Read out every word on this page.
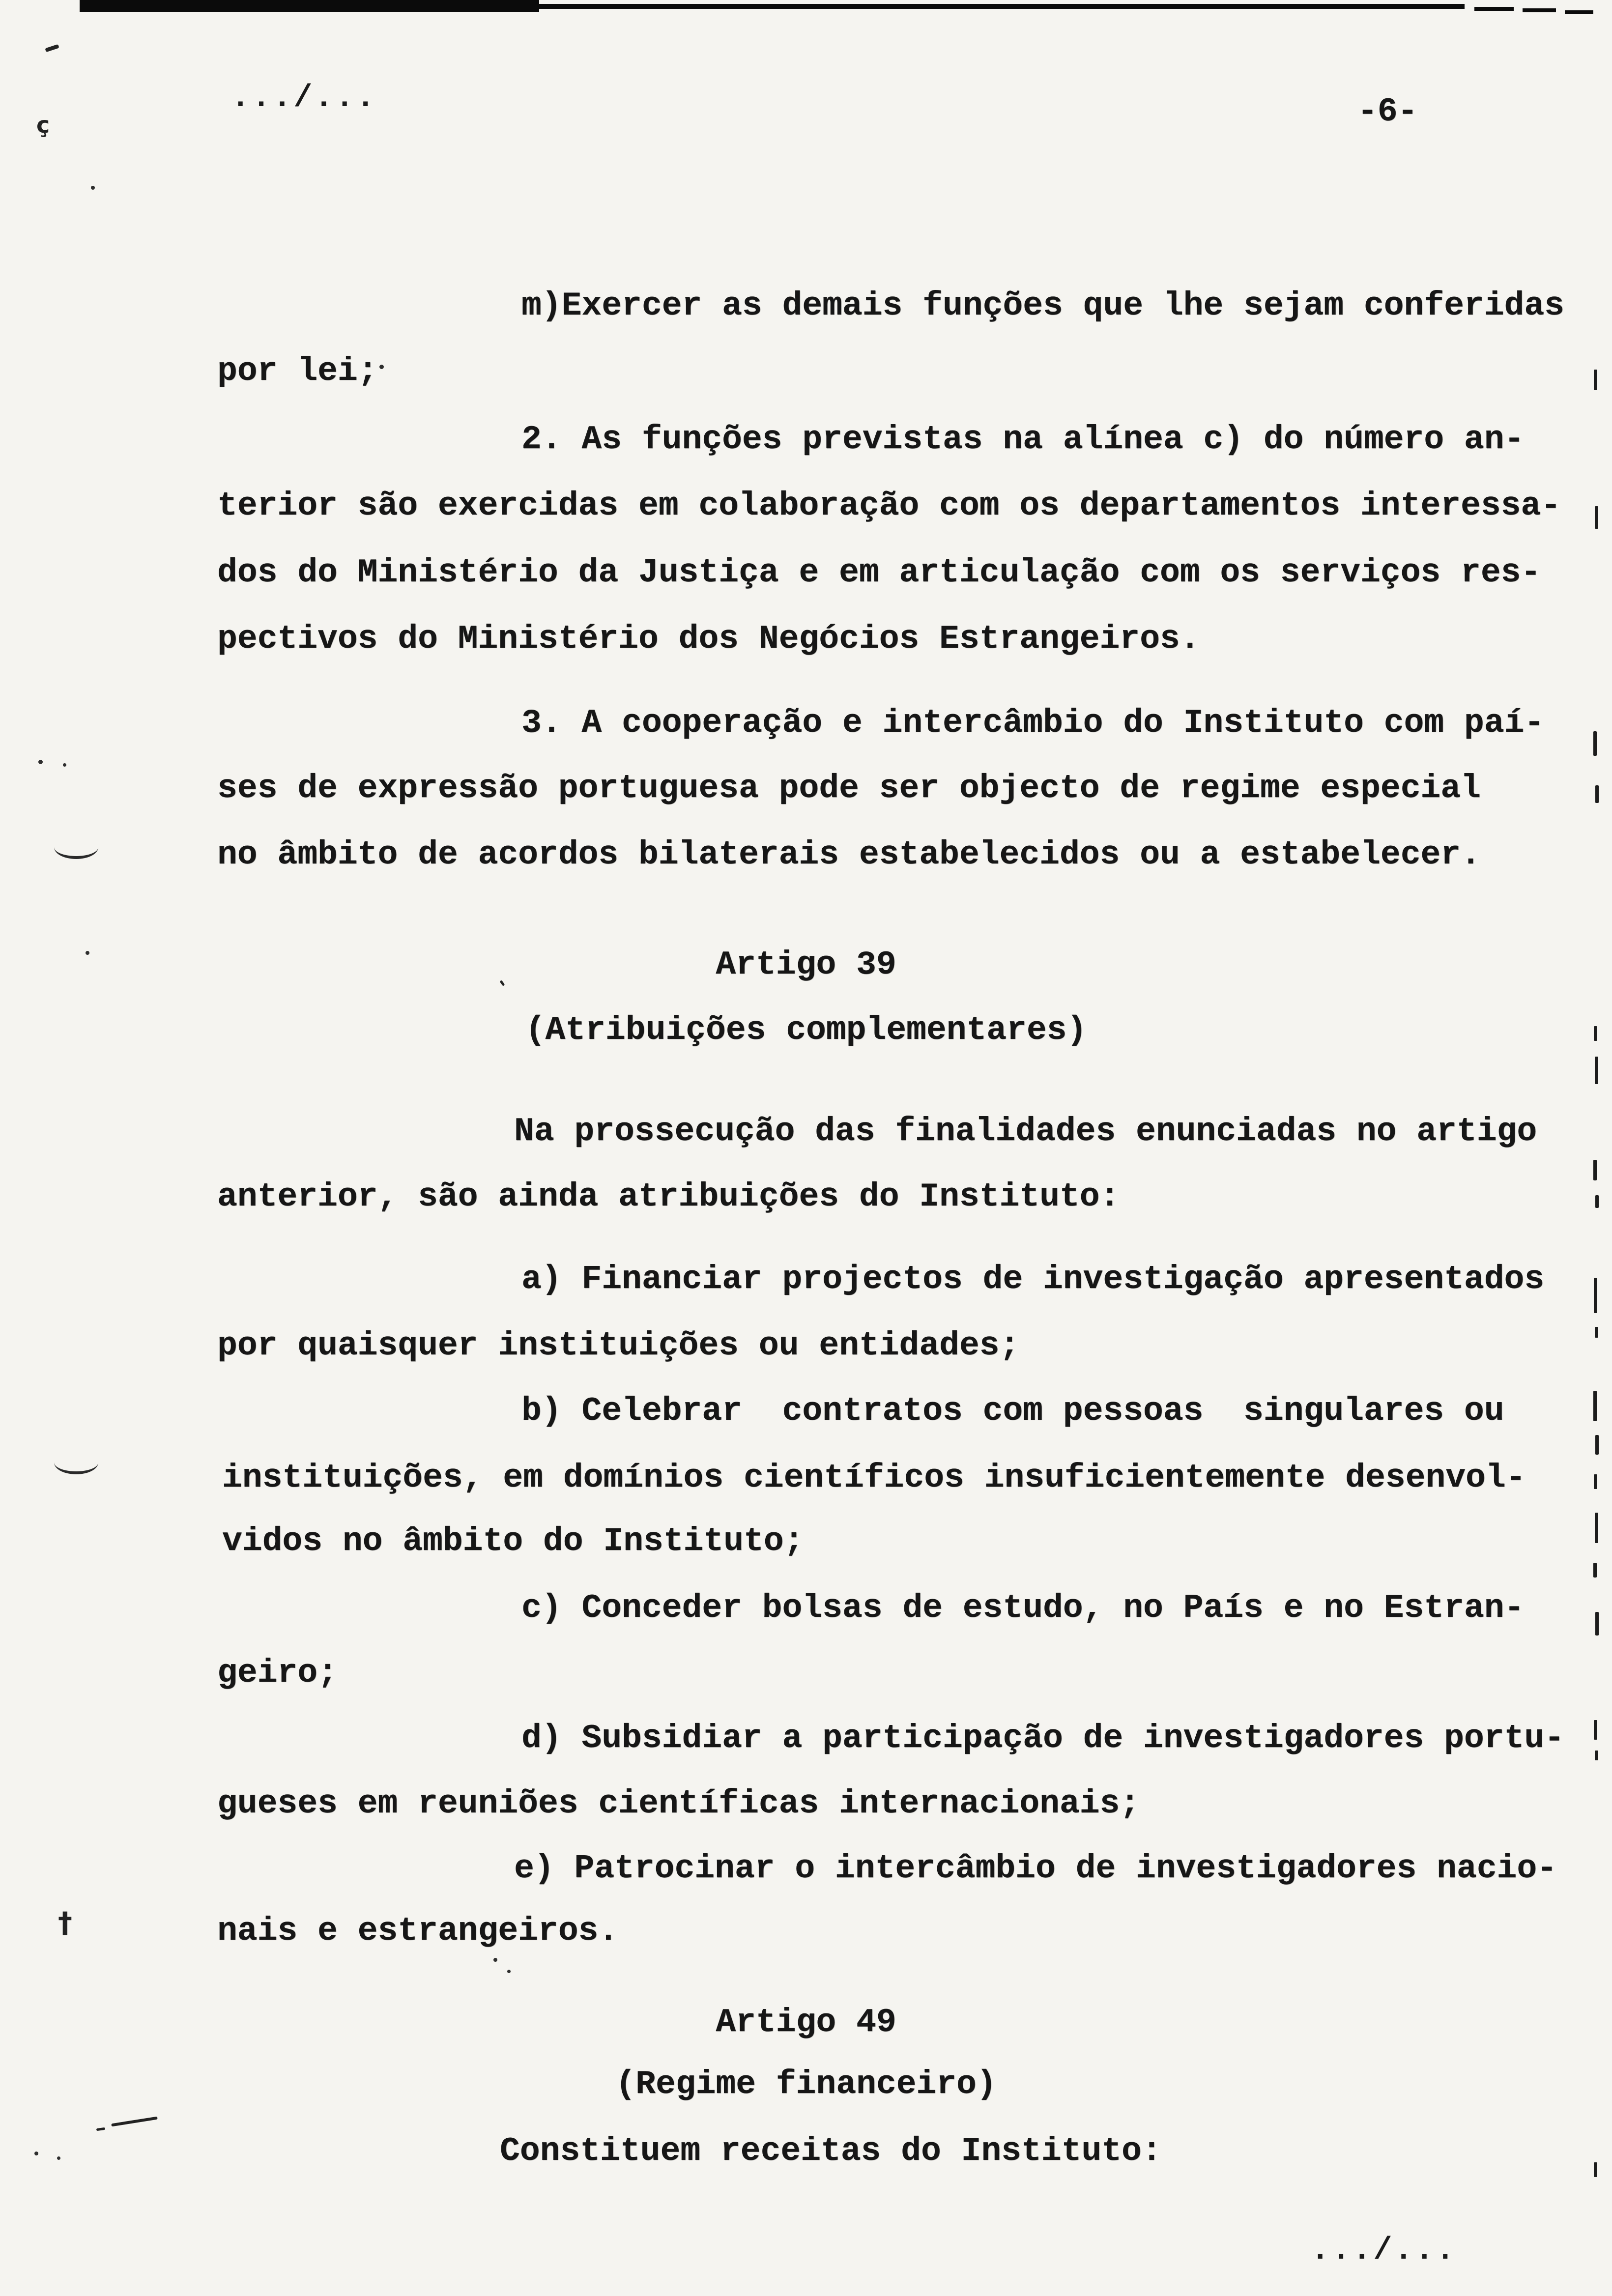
.../...	-6-
m)Exercer as demais funções que lhe sejam conferidas
por lei;
2. As funções previstas na alínea c) do número an-
terior são exercidas em colaboração com os departamentos interessa-
dos do Ministério da Justiça e em articulação com os serviços res-
pectivos do Ministério dos Negócios Estrangeiros.
3. A cooperação e intercâmbio do Instituto com paí-
ses de expressão portuguesa pode ser objecto de regime especial
no âmbito de acordos bilaterais estabelecidos ou a estabelecer.
Artigo 39
(Atribuições complementares)
Na prossecução das finalidades enunciadas no artigo
anterior, são ainda atribuições do Instituto:
a) Financiar projectos de investigação apresentados
por quaisquer instituições ou entidades;
b) Celebrar  contratos com pessoas  singulares ou
instituições, em domínios científicos insuficientemente desenvol-
vidos no âmbito do Instituto;
c) Conceder bolsas de estudo, no País e no Estran-
geiro;
d) Subsidiar a participação de investigadores portu-
gueses em reuniões científicas internacionais;
e) Patrocinar o intercâmbio de investigadores nacio-
nais e estrangeiros.
Artigo 49
(Regime financeiro)
Constituem receitas do Instituto:
.../...
ç
†
